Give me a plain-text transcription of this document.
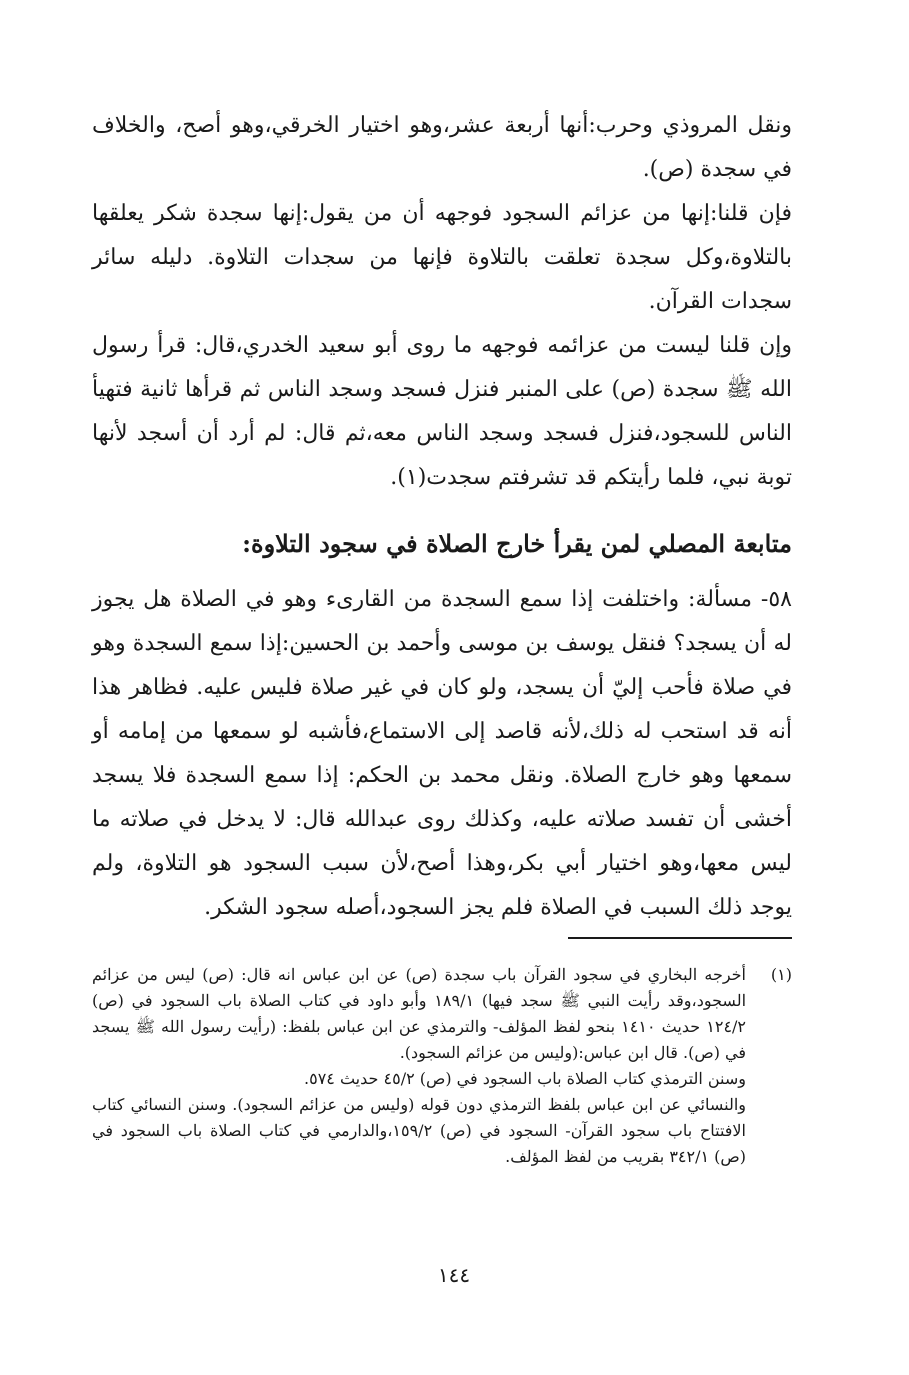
ونقل المروذي وحرب:أنها أربعة عشر،وهو اختيار الخرقي،وهو أصح، والخلاف في سجدة (ص).

فإن قلنا:إنها من عزائم السجود فوجهه أن من يقول:إنها سجدة شكر يعلقها بالتلاوة،وكل سجدة تعلقت بالتلاوة فإنها من سجدات التلاوة. دليله سائر سجدات القرآن.

وإن قلنا ليست من عزائمه فوجهه ما روى أبو سعيد الخدري،قال: قرأ رسول الله ﷺ سجدة (ص) على المنبر فنزل فسجد وسجد الناس ثم قرأها ثانية فتهيأ الناس للسجود،فنزل فسجد وسجد الناس معه،ثم قال: لم أرد أن أسجد لأنها توبة نبي، فلما رأيتكم قد تشرفتم سجدت(١).

متابعة المصلي لمن يقرأ خارج الصلاة في سجود التلاوة:

٥٨- مسألة: واختلفت إذا سمع السجدة من القارىء وهو في الصلاة هل يجوز له أن يسجد؟ فنقل يوسف بن موسى وأحمد بن الحسين:إذا سمع السجدة وهو في صلاة فأحب إليّ أن يسجد، ولو كان في غير صلاة فليس عليه. فظاهر هذا أنه قد استحب له ذلك،لأنه قاصد إلى الاستماع،فأشبه لو سمعها من إمامه أو سمعها وهو خارج الصلاة. ونقل محمد بن الحكم: إذا سمع السجدة فلا يسجد أخشى أن تفسد صلاته عليه، وكذلك روى عبدالله قال: لا يدخل في صلاته ما ليس معها،وهو اختيار أبي بكر،وهذا أصح،لأن سبب السجود هو التلاوة، ولم يوجد ذلك السبب في الصلاة فلم يجز السجود،أصله سجود الشكر.

(١)
أخرجه البخاري في سجود القرآن باب سجدة (ص) عن ابن عباس انه قال: (ص) ليس من عزائم السجود،وقد رأيت النبي ﷺ سجد فيها) ١٨٩/١ وأبو داود في كتاب الصلاة باب السجود في (ص) ١٢٤/٢ حديث ١٤١٠ بنحو لفظ المؤلف- والترمذي عن ابن عباس بلفظ: (رأيت رسول الله ﷺ يسجد في (ص). قال ابن عباس:(وليس من عزائم السجود).
وسنن الترمذي كتاب الصلاة باب السجود في (ص) ٤٥/٢ حديث ٥٧٤.
والنسائي عن ابن عباس بلفظ الترمذي دون قوله (وليس من عزائم السجود). وسنن النسائي كتاب الافتتاح باب سجود القرآن- السجود في (ص) ١٥٩/٢،والدارمي في كتاب الصلاة باب السجود في (ص) ٣٤٢/١ بقريب من لفظ المؤلف.
١٤٤
